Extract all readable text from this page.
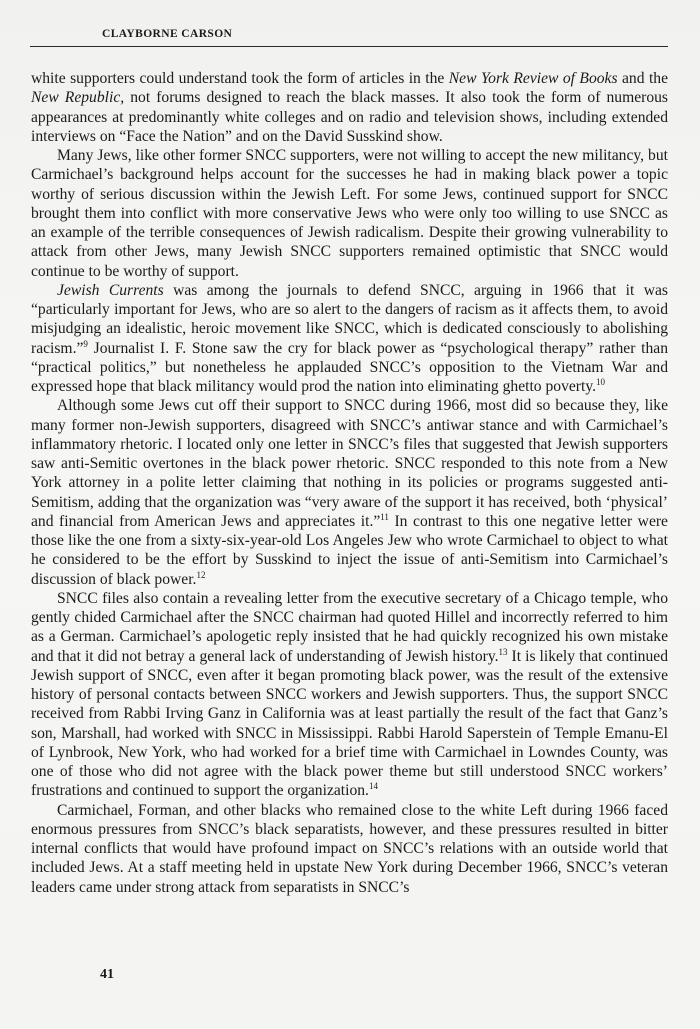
CLAYBORNE CARSON

white supporters could understand took the form of articles in the New York Review of Books and the New Republic, not forums designed to reach the black masses. It also took the form of numerous appearances at predominantly white colleges and on radio and television shows, including extended interviews on “Face the Nation” and on the David Susskind show.

Many Jews, like other former SNCC supporters, were not willing to accept the new militancy, but Carmichael’s background helps account for the successes he had in making black power a topic worthy of serious discussion within the Jewish Left. For some Jews, continued support for SNCC brought them into conflict with more conservative Jews who were only too willing to use SNCC as an example of the terrible consequences of Jewish radicalism. Despite their growing vulnerability to attack from other Jews, many Jewish SNCC supporters remained optimistic that SNCC would continue to be worthy of support.

Jewish Currents was among the journals to defend SNCC, arguing in 1966 that it was “particularly important for Jews, who are so alert to the dangers of racism as it affects them, to avoid misjudging an idealistic, heroic movement like SNCC, which is dedicated consciously to abolishing racism.”$^9$ Journalist I. F. Stone saw the cry for black power as “psychological therapy” rather than “practical politics,” but nonetheless he applauded SNCC’s opposition to the Vietnam War and expressed hope that black militancy would prod the nation into eliminating ghetto poverty.$^{10}$

Although some Jews cut off their support to SNCC during 1966, most did so because they, like many former non-Jewish supporters, disagreed with SNCC’s antiwar stance and with Carmichael’s inflammatory rhetoric. I located only one letter in SNCC’s files that suggested that Jewish supporters saw anti-Semitic overtones in the black power rhetoric. SNCC responded to this note from a New York attorney in a polite letter claiming that nothing in its policies or programs suggested anti-Semitism, adding that the organization was “very aware of the support it has received, both ‘physical’ and financial from American Jews and appreciates it.”$^{11}$ In contrast to this one negative letter were those like the one from a sixty-six-year-old Los Angeles Jew who wrote Carmichael to object to what he considered to be the effort by Susskind to inject the issue of anti-Semitism into Carmichael’s discussion of black power.$^{12}$

SNCC files also contain a revealing letter from the executive secretary of a Chicago temple, who gently chided Carmichael after the SNCC chairman had quoted Hillel and incorrectly referred to him as a German. Carmichael’s apologetic reply insisted that he had quickly recognized his own mistake and that it did not betray a general lack of understanding of Jewish history.$^{13}$ It is likely that continued Jewish support of SNCC, even after it began promoting black power, was the result of the extensive history of personal contacts between SNCC workers and Jewish supporters. Thus, the support SNCC received from Rabbi Irving Ganz in California was at least partially the result of the fact that Ganz’s son, Marshall, had worked with SNCC in Mississippi. Rabbi Harold Saperstein of Temple Emanu-El of Lynbrook, New York, who had worked for a brief time with Carmichael in Lowndes County, was one of those who did not agree with the black power theme but still understood SNCC workers’ frustrations and continued to support the organization.$^{14}$

Carmichael, Forman, and other blacks who remained close to the white Left during 1966 faced enormous pressures from SNCC’s black separatists, however, and these pressures resulted in bitter internal conflicts that would have profound impact on SNCC’s relations with an outside world that included Jews. At a staff meeting held in upstate New York during December 1966, SNCC’s veteran leaders came under strong attack from separatists in SNCC’s

41
